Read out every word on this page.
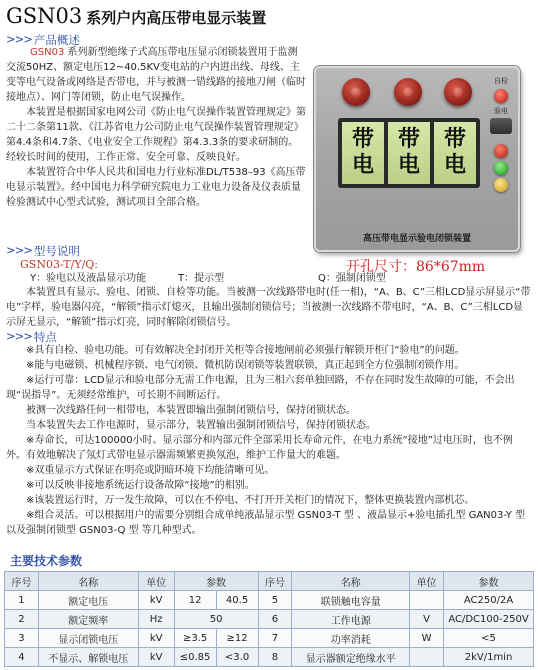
GSN03 系列户内高压带电显示装置
>>> 产品概述

GSN03 系列新型绝缘子式高压带电压显示闭锁装置用于监测交流50HZ、额定电压12~40.5KV变电站的户内进出线、母线、主变等电气设备或网络是否带电，并与被测一错线路的接地刀闸（临时接地点）、网门等闭锁，防止电气误操作。

本装置是根据国家电网公司《防止电气误操作装置管理规定》第二十二条第11款、《江苏省电力公司防止电气误操作装置管理规定》第4.4条和4.7条、《电业安全工作规程》第4.3.3条的要求研制的。经较长时间的使用，工作正常、安全可靠、反映良好。

本装置符合中华人民共和国电力行业标准DL/T538–93《高压带电显示装置》。经中国电力科学研究院电力工业电力设备及仪表质量检验测试中心型式试验，测试项目全部合格。

带
电
带
电
带
电
自检
验电
高压带电显示验电闭锁装置
开孔尺寸：86*67mm
>>> 型号说明
GSN03-T/Y/Q:
Y：验电以及液晶显示功能	T：提示型	Q：强制闭锁型
本装置具有显示、验电、闭锁、自检等功能。当被测一次线路带电时(任一相)，“A、B、C”三相LCD显示屏显示“带电”字样，验电器闪亮，“解锁”指示灯熄灭，且输出强制闭锁信号；当被测一次线路不带电时，“A、B、C”三相LCD显示屏无显示，“解锁”指示灯亮，同时解除闭锁信号。
>>> 特点

※具有自检、验电功能。可有效解决全封闭开关柜等合接地闸前必须强行解锁开柜门“验电”的问题。

※能与电磁锁、机械程序锁、电气闭锁、微机防误闭锁等装置联锁，真正起到全方位强制闭锁作用。

※运行可靠：LCD显示和验电部分无需工作电源，且为三相六套单独回路，不存在同时发生故障的可能，不会出现“误指导”。无须经常维护，可长期不间断运行。

被测一次线路任何一相带电，本装置即输出强制闭锁信号，保持闭锁状态。

当本装置失去工作电源时，显示部分，装置输出强制闭锁信号，保持闭锁状态。

※寿命长，可达100000小时。显示部分和内部元件全部采用长寿命元件，在电力系统“接地”过电压时，也不例外。有效地解决了氖灯式带电显示器需频繁更换氖泡，维护工作量大的难题。

※双重显示方式保证在明亮或阴暗环境下均能清晰可见。

※可以反映非接地系统运行设备故障“接地”的相别。

※该装置运行时，万一发生故障，可以在不停电、不打开开关柜门的情况下，整体更换装置内部机芯。

※组合灵活。可以根据用户的需要分别组合成单纯液晶显示型 GSN03-T 型 、液晶显示+验电插孔型 GAN03-Y 型 以及强制闭锁型 GSN03-Q 型 等几种型式。

主要技术参数
序号	名称	单位	参数		序号	名称	单位	参数
1	额定电压	kV	12	40.5	5	联锁触电容量		AC250/2A
2	额定频率	Hz	50		6	工作电源	V	AC/DC100-250V
3	显示闭锁电压	kV	≥3.5	≥12	7	功率消耗	W	<5
4	不显示、解锁电压	kV	≤0.85	<3.0	8	显示器额定绝缘水平		2kV/1min
